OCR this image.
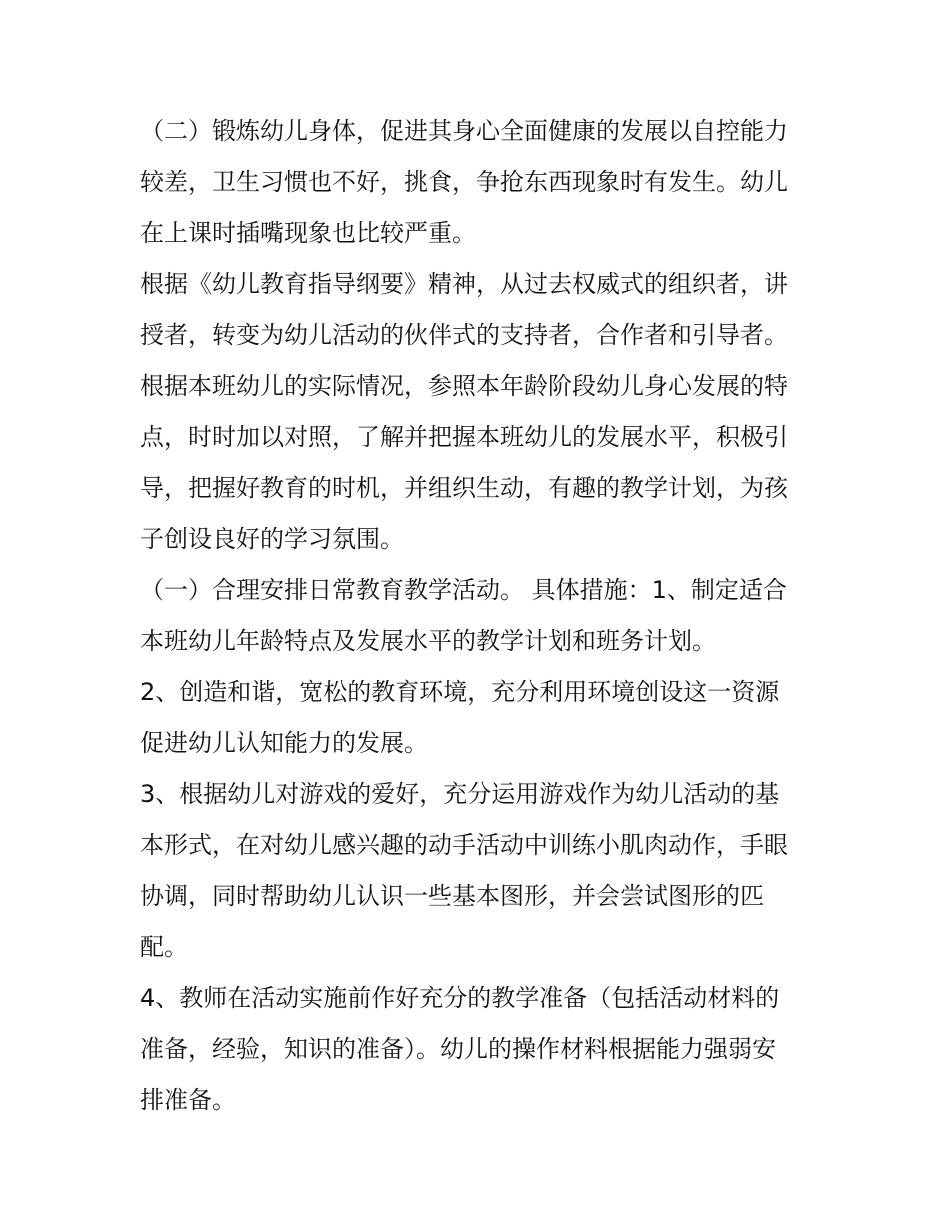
（二）锻炼幼儿身体，促进其身心全面健康的发展以自控能力
较差，卫生习惯也不好，挑食，争抢东西现象时有发生。幼儿
在上课时插嘴现象也比较严重。

根据《幼儿教育指导纲要》精神，从过去权威式的组织者，讲
授者，转变为幼儿活动的伙伴式的支持者，合作者和引导者。

根据本班幼儿的实际情况，参照本年龄阶段幼儿身心发展的特
点，时时加以对照，了解并把握本班幼儿的发展水平，积极引
导，把握好教育的时机，并组织生动，有趣的教学计划，为孩
子创设良好的学习氛围。

（一）合理安排日常教育教学活动。 具体措施：1、制定适合
本班幼儿年龄特点及发展水平的教学计划和班务计划。

2、创造和谐，宽松的教育环境，充分利用环境创设这一资源
促进幼儿认知能力的发展。

3、根据幼儿对游戏的爱好，充分运用游戏作为幼儿活动的基
本形式，在对幼儿感兴趣的动手活动中训练小肌肉动作，手眼
协调，同时帮助幼儿认识一些基本图形，并会尝试图形的匹
配。

4、教师在活动实施前作好充分的教学准备（包括活动材料的
准备，经验，知识的准备）。幼儿的操作材料根据能力强弱安
排准备。
